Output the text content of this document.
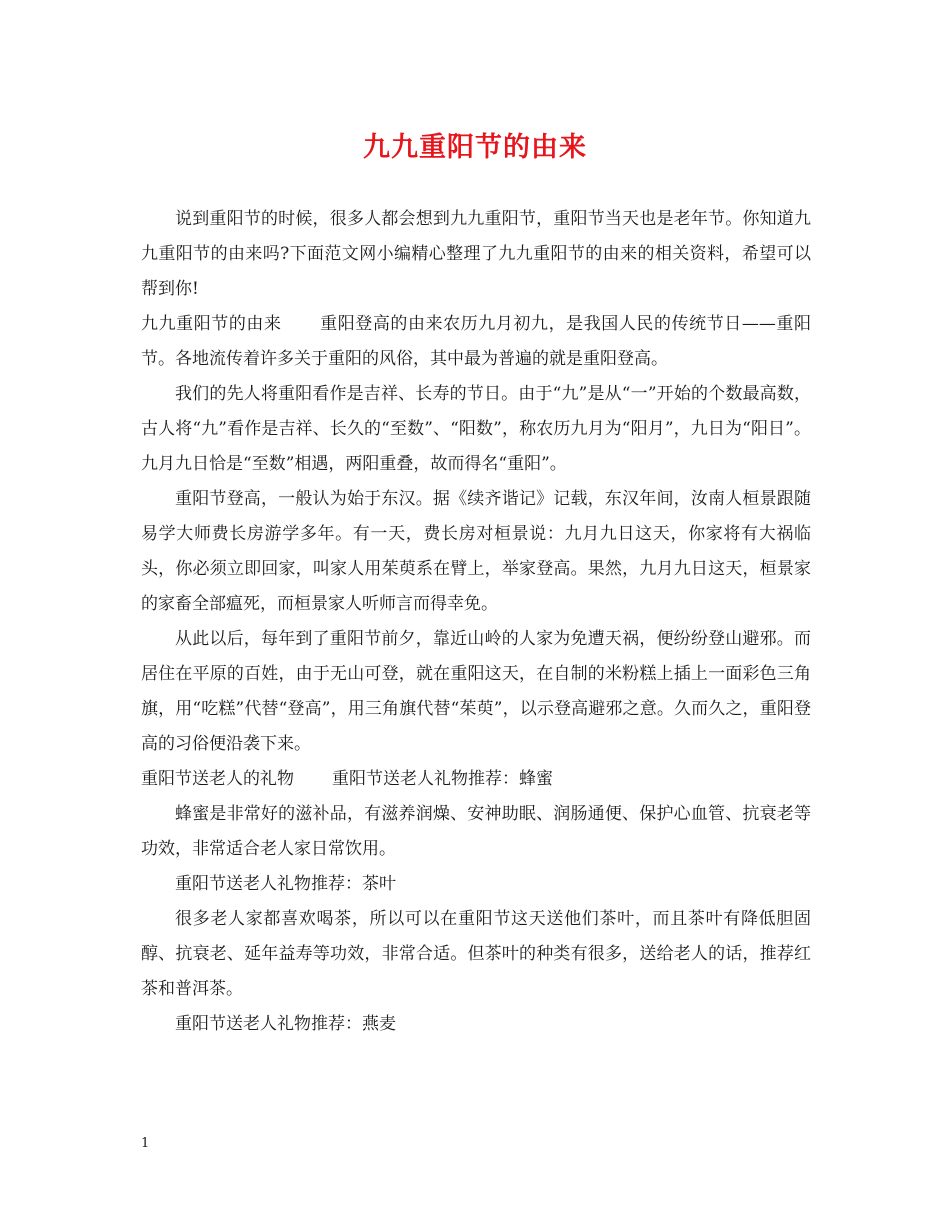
九九重阳节的由来

说到重阳节的时候，很多人都会想到九九重阳节，重阳节当天也是老年节。你知道九九重阳节的由来吗?下面范文网小编精心整理了九九重阳节的由来的相关资料，希望可以帮到你!

九九重阳节的由来 重阳登高的由来农历九月初九，是我国人民的传统节日——重阳节。各地流传着许多关于重阳的风俗，其中最为普遍的就是重阳登高。

我们的先人将重阳看作是吉祥、长寿的节日。由于“九”是从“一”开始的个数最高数，古人将“九”看作是吉祥、长久的“至数”、“阳数”，称农历九月为“阳月”，九日为“阳日”。九月九日恰是“至数”相遇，两阳重叠，故而得名“重阳”。

重阳节登高，一般认为始于东汉。据《续齐谐记》记载，东汉年间，汝南人桓景跟随易学大师费长房游学多年。有一天，费长房对桓景说：九月九日这天，你家将有大祸临头，你必须立即回家，叫家人用茱萸系在臂上，举家登高。果然，九月九日这天，桓景家的家畜全部瘟死，而桓景家人听师言而得幸免。

从此以后，每年到了重阳节前夕，靠近山岭的人家为免遭天祸，便纷纷登山避邪。而居住在平原的百姓，由于无山可登，就在重阳这天，在自制的米粉糕上插上一面彩色三角旗，用“吃糕”代替“登高”，用三角旗代替“茱萸”，以示登高避邪之意。久而久之，重阳登高的习俗便沿袭下来。

重阳节送老人的礼物 重阳节送老人礼物推荐：蜂蜜

蜂蜜是非常好的滋补品，有滋养润燥、安神助眠、润肠通便、保护心血管、抗衰老等功效，非常适合老人家日常饮用。

重阳节送老人礼物推荐：茶叶

很多老人家都喜欢喝茶，所以可以在重阳节这天送他们茶叶，而且茶叶有降低胆固醇、抗衰老、延年益寿等功效，非常合适。但茶叶的种类有很多，送给老人的话，推荐红茶和普洱茶。

重阳节送老人礼物推荐：燕麦

1
